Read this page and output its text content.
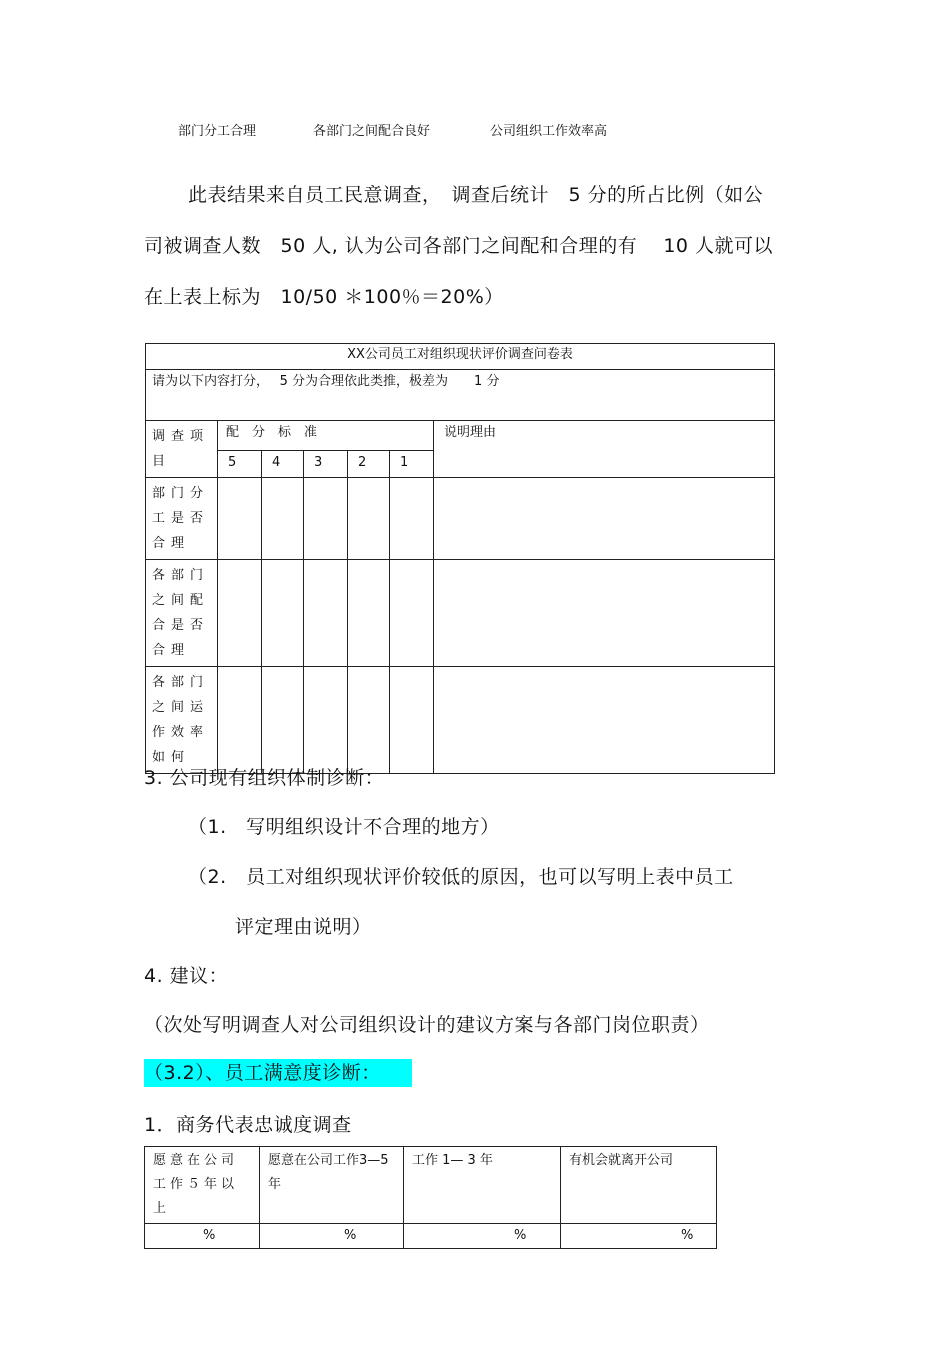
部门分工合理	各部门之间配合良好	公司组织工作效率高
此表结果来自员工民意调查，　调查后统计　5 分的所占比例（如公
司被调查人数　50 人, 认为公司各部门之间配和合理的有　 10 人就可以
在上表上标为　10/50 ＊100％＝20%）
XX公司员工对组织现状评价调查问卷表						
请为以下内容打分，　 5 分为合理依此类推，极差为　　1 分						
调查项目	配　分　标　准					说明理由
	5	4	3	2	1	
部门分工是否合理						
各部门之间配合是否合理						
各部门之间运作效率如何						
3. 公司现有组织体制诊断：
（1.　写明组织设计不合理的地方）
（2.　员工对组织现状评价较低的原因，也可以写明上表中员工
评定理由说明）
4. 建议：
（次处写明调查人对公司组织设计的建议方案与各部门岗位职责）
（3.2）、员工满意度诊断：
1．商务代表忠诚度调查
愿意在公司工作５年以上	愿意在公司工作3—5 年	工作 1— 3 年	有机会就离开公司
%	%	%	%
